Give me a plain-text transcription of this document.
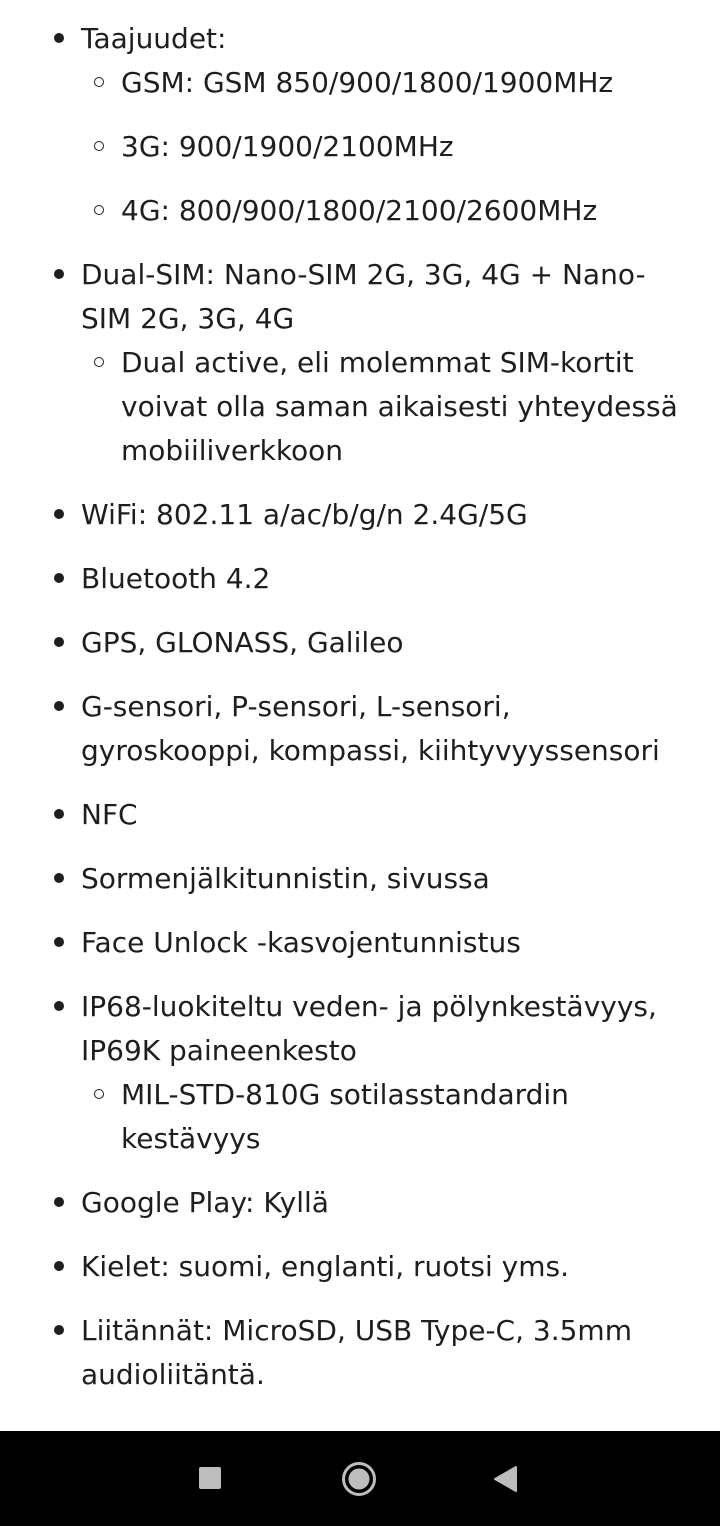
Taajuudet:
GSM: GSM 850/900/1800/1900MHz
3G: 900/1900/2100MHz
4G: 800/900/1800/2100/2600MHz
Dual-SIM: Nano-SIM 2G, 3G, 4G + Nano-SIM 2G, 3G, 4G
Dual active, eli molemmat SIM-kortit voivat olla saman aikaisesti yhteydessä mobiiliverkkoon
WiFi: 802.11 a/ac/b/g/n 2.4G/5G
Bluetooth 4.2
GPS, GLONASS, Galileo
G-sensori, P-sensori, L-sensori, gyroskooppi, kompassi, kiihtyvyyssensori
NFC
Sormenjälkitunnistin, sivussa
Face Unlock -kasvojentunnistus
IP68-luokiteltu veden- ja pölynkestävyys, IP69K paineenkesto
MIL-STD-810G sotilasstandardin kestävyys
Google Play: Kyllä
Kielet: suomi, englanti, ruotsi yms.
Liitännät: MicroSD, USB Type-C, 3.5mm audioliitäntä.
